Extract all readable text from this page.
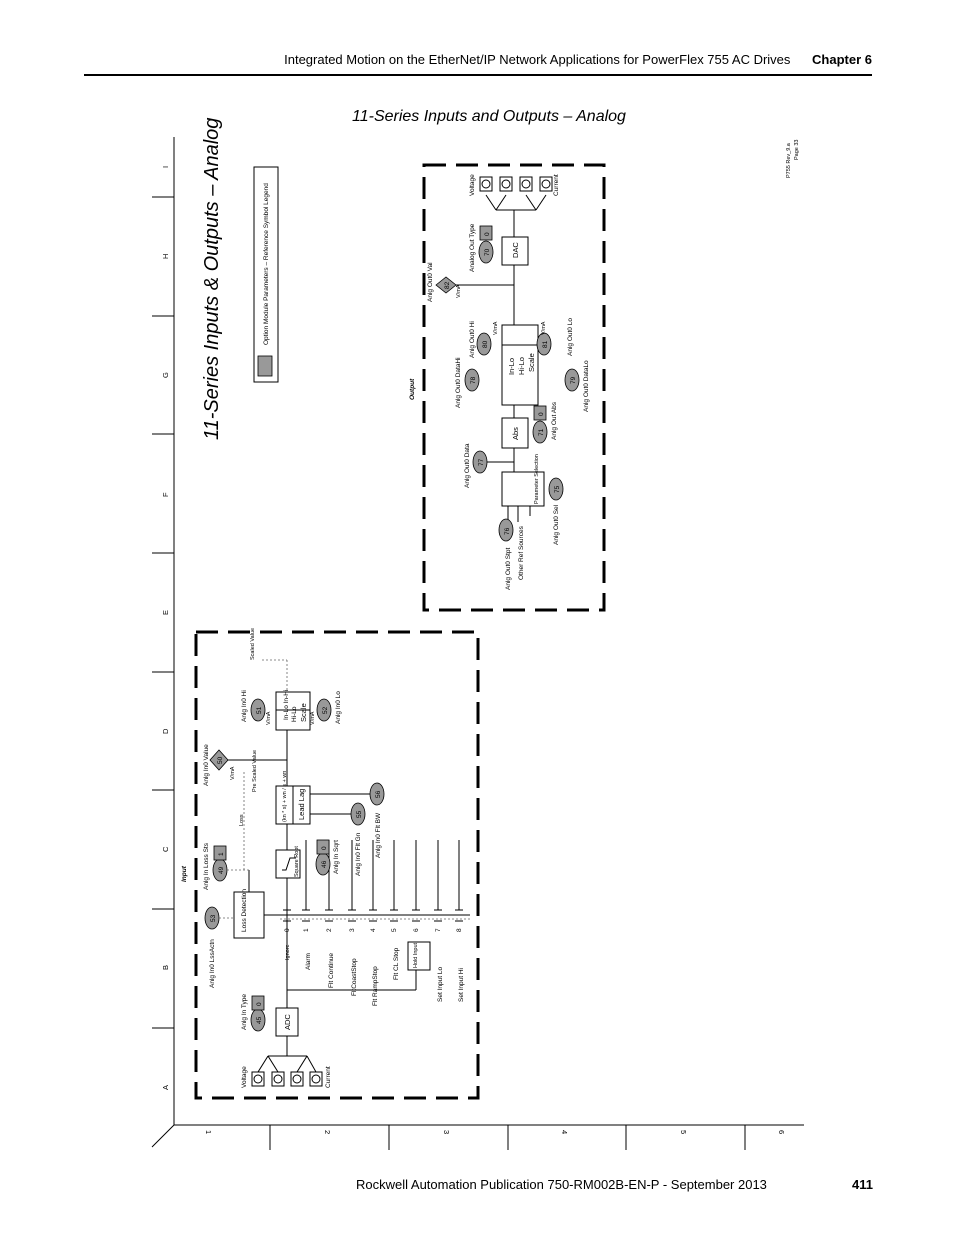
Integrated Motion on the EtherNet/IP Network Applications for PowerFlex 755 AC Drives Chapter 6
11-Series Inputs and Outputs – Analog
A
B
C
D
E
F
G
H
I
1	2	3	4	5	6
P755 Rev_9.a Page 33
11-Series Inputs & Outputs – Analog	Option Module Parameters – Reference Symbol Legend
Output
Parameter Selection
76
Anlg Out0 Stpt Other Ref Sources
75
Anlg Out0 Sel
77
Anlg Out0 Data
Abs	71
0 Anlg Out Abs
In-Lo Hi-Lo Scale
78
Anlg Out0 DataHi
80
Anlg Out0 Hi	V/mA
81	Anlg Out0 Lo
V/mA
79 Anlg Out0 DataLo
82
Anlg Out0 Val	V/mA
DAC
70
0
Analog Out Type
Voltage	Current
Input
Voltage	Current
ADC
45
0
Anlg In Type
Loss Detection
53
Anlg In0 LssActn
49
1
Anlg In Loss Sts
Loss
0 1 2 3 4 5 6 7 8
Ignore
Alarm Flt Continue FltCoastStop Flt RampStop
Flt CL Stop
Set Input Lo Set Input Hi
Hold Input
Square Root	46
0 Anlg In Sqrt
(kn * s) + wn / s + wn Lead Lag	55
Anlg In0 Flt Gn
56
Anlg In0 Flt BW
50
Anlg In0 Value	V/mA	Pre Scaled Value
In-Lo In-Hi Hi-Lo Scale
51
Anlg In0 Hi	V/mA
52 Anlg In0 Lo
V/mA
Scaled Value
Rockwell Automation Publication 750-RM002B-EN-P - September 2013	411
